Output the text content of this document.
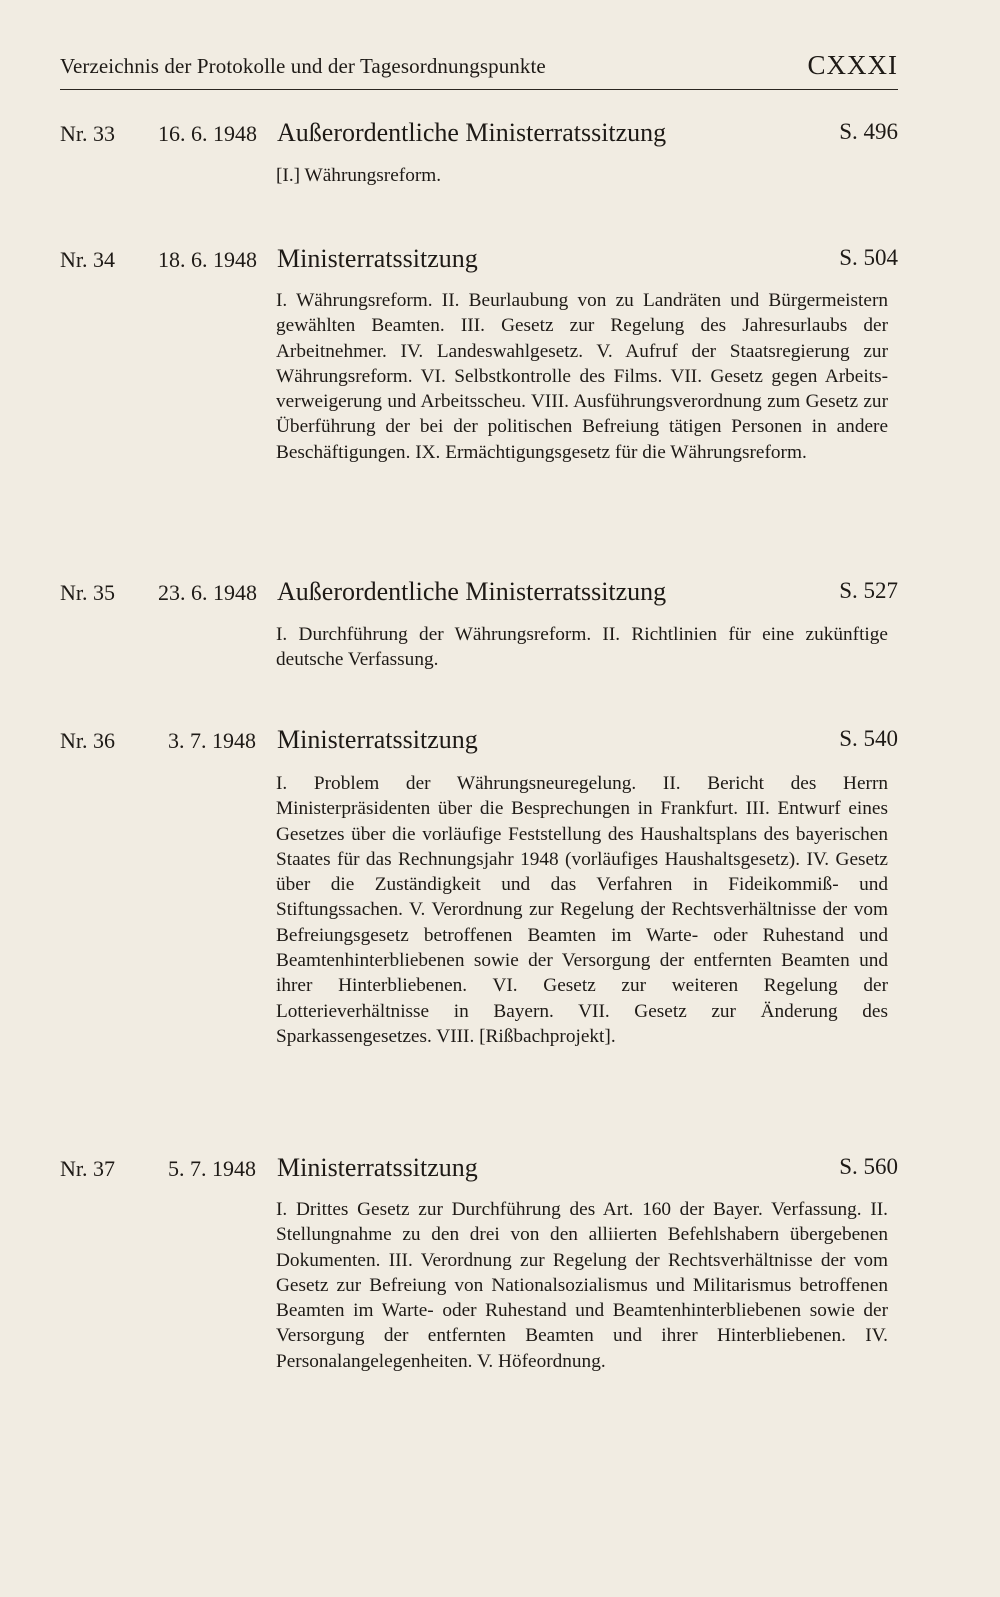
Verzeichnis der Protokolle und der Tagesordnungspunkte	CXXXI
Nr. 33 16. 6. 1948 Außerordentliche Ministerratssitzung	S. 496
[I.] Währungsreform.
Nr. 34 18. 6. 1948 Ministerratssitzung	S. 504
I. Währungsreform. II. Beurlaubung von zu Landräten und Bürgermeistern gewählten Beamten. III. Gesetz zur Regelung des Jahresurlaubs der Arbeitnehmer. IV. Landeswahlgesetz. V. Aufruf der Staatsregierung zur Währungsreform. VI. Selbstkontrolle des Films. VII. Gesetz gegen Arbeitsverweigerung und Arbeitsscheu. VIII. Ausführungsverordnung zum Gesetz zur Überführung der bei der politischen Befreiung tätigen Personen in andere Beschäftigungen. IX. Ermächtigungsgesetz für die Währungsreform.
Nr. 35 23. 6. 1948 Außerordentliche Ministerratssitzung	S. 527
I. Durchführung der Währungsreform. II. Richtlinien für eine zukünftige deutsche Verfassung.
Nr. 36 3. 7. 1948 Ministerratssitzung	S. 540
I. Problem der Währungsneuregelung. II. Bericht des Herrn Ministerpräsidenten über die Besprechungen in Frankfurt. III. Entwurf eines Gesetzes über die vorläufige Feststellung des Haushaltsplans des bayerischen Staates für das Rechnungsjahr 1948 (vorläufiges Haushaltsgesetz). IV. Gesetz über die Zuständigkeit und das Verfahren in Fideikommiß- und Stiftungssachen. V. Verordnung zur Regelung der Rechtsverhältnisse der vom Befreiungsgesetz betroffenen Beamten im Warte- oder Ruhestand und Beamtenhinterbliebenen sowie der Versorgung der entfernten Beamten und ihrer Hinterbliebenen. VI. Gesetz zur weiteren Regelung der Lotterieverhältnisse in Bayern. VII. Gesetz zur Änderung des Sparkassengesetzes. VIII. [Rißbachprojekt].
Nr. 37 5. 7. 1948 Ministerratssitzung	S. 560
I. Drittes Gesetz zur Durchführung des Art. 160 der Bayer. Verfassung. II. Stellungnahme zu den drei von den alliierten Befehlshabern übergebenen Dokumenten. III. Verordnung zur Regelung der Rechtsverhältnisse der vom Gesetz zur Befreiung von Nationalsozialismus und Militarismus betroffenen Beamten im Warte- oder Ruhestand und Beamtenhinterbliebenen sowie der Versorgung der entfernten Beamten und ihrer Hinterbliebenen. IV. Personalangelegenheiten. V. Höfeordnung.
